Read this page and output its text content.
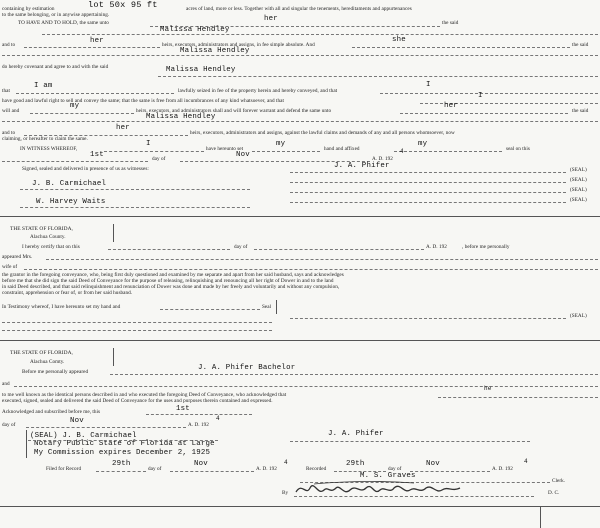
containing by estimation	lot 50x 95 ft	acres of land, more or less. Together with all and singular the tenements, hereditaments and appurtenances
to the same belonging, or in anywise appertaining.
TO HAVE AND TO HOLD, the same unto	her	the said
Malissa Hendley
and to	her	heirs, executors, administrators and assigns, in fee simple absolute. And
she
the said
Malissa Hendley
do hereby covenant and agree to and with the said	Malissa Hendley
that
I am
lawfully seized in fee of the property herein and hereby conveyed, and that
I
have good and lawful right to sell and convey the same; that the same is free from all incumbrances of any kind whatsoever, and that
I
will and
my
heirs, executors, and administrators shall and will forever warrant and defend the same unto
her
the said
Malissa Hendley
and to
her
heirs, executors, administrators and assigns, against the lawful claims and demands of any and all persons whomsoever, now
claiming, or hereafter to claim the same.
IN WITNESS WHEREOF,
I
have hereunto set
my
hand and affixed
my
seal on this
1st	day of	Nov	A. D. 192
4
Signed, sealed and delivered in presence of us as witnesses:	J. A. Phifer	(SEAL)
(SEAL)
(SEAL)
(SEAL)
J. B. Carmichael
W. Harvey Waits
THE STATE OF FLORIDA,
Alachua County.
I hereby certify that on this	day of	A. D. 192	, before me personally
appeared Mrs.
wife of
the grantor in the foregoing conveyance, who, being first duly questioned and examined by me separate and apart from her said husband, says and acknowledges
before me that she did sign the said Deed of Conveyance for the purpose of releasing, relinquishing and renouncing all her right of Dower in and to the land
in said Deed described, and that said relinquishment and renunciation of Dower was done and made by her freely and voluntarily and without any compulsion,
constraint, apprehension or fear of, or from her said husband.
In Testimony whereof, I have hereunto set my hand and	Seal
(SEAL)
THE STATE OF FLORIDA,
Alachua Comty.
Before me personally appeared	J. A. Phifer Bachelor
and
to me well known as the identical persons described in and who executed the foregoing Deed of Conveyance, who acknowledged that
he
executed, signed, sealed and delivered the said Deed of Conveyance for the uses and purposes therein contained and expressed.
Acknowledged and subscribed before me, this	1st
day of	Nov	A. D. 192
4
(SEAL) J. B. Carmichael
Notary Public State of Florida at Large
My Commission expires December 2, 1925
J. A. Phifer
Filed for Record
29th
day of
Nov
A. D. 192
4
Recorded
29th
day of
Nov
A. D. 192
4
M. S. Graves
Clerk.
By	D. C.
